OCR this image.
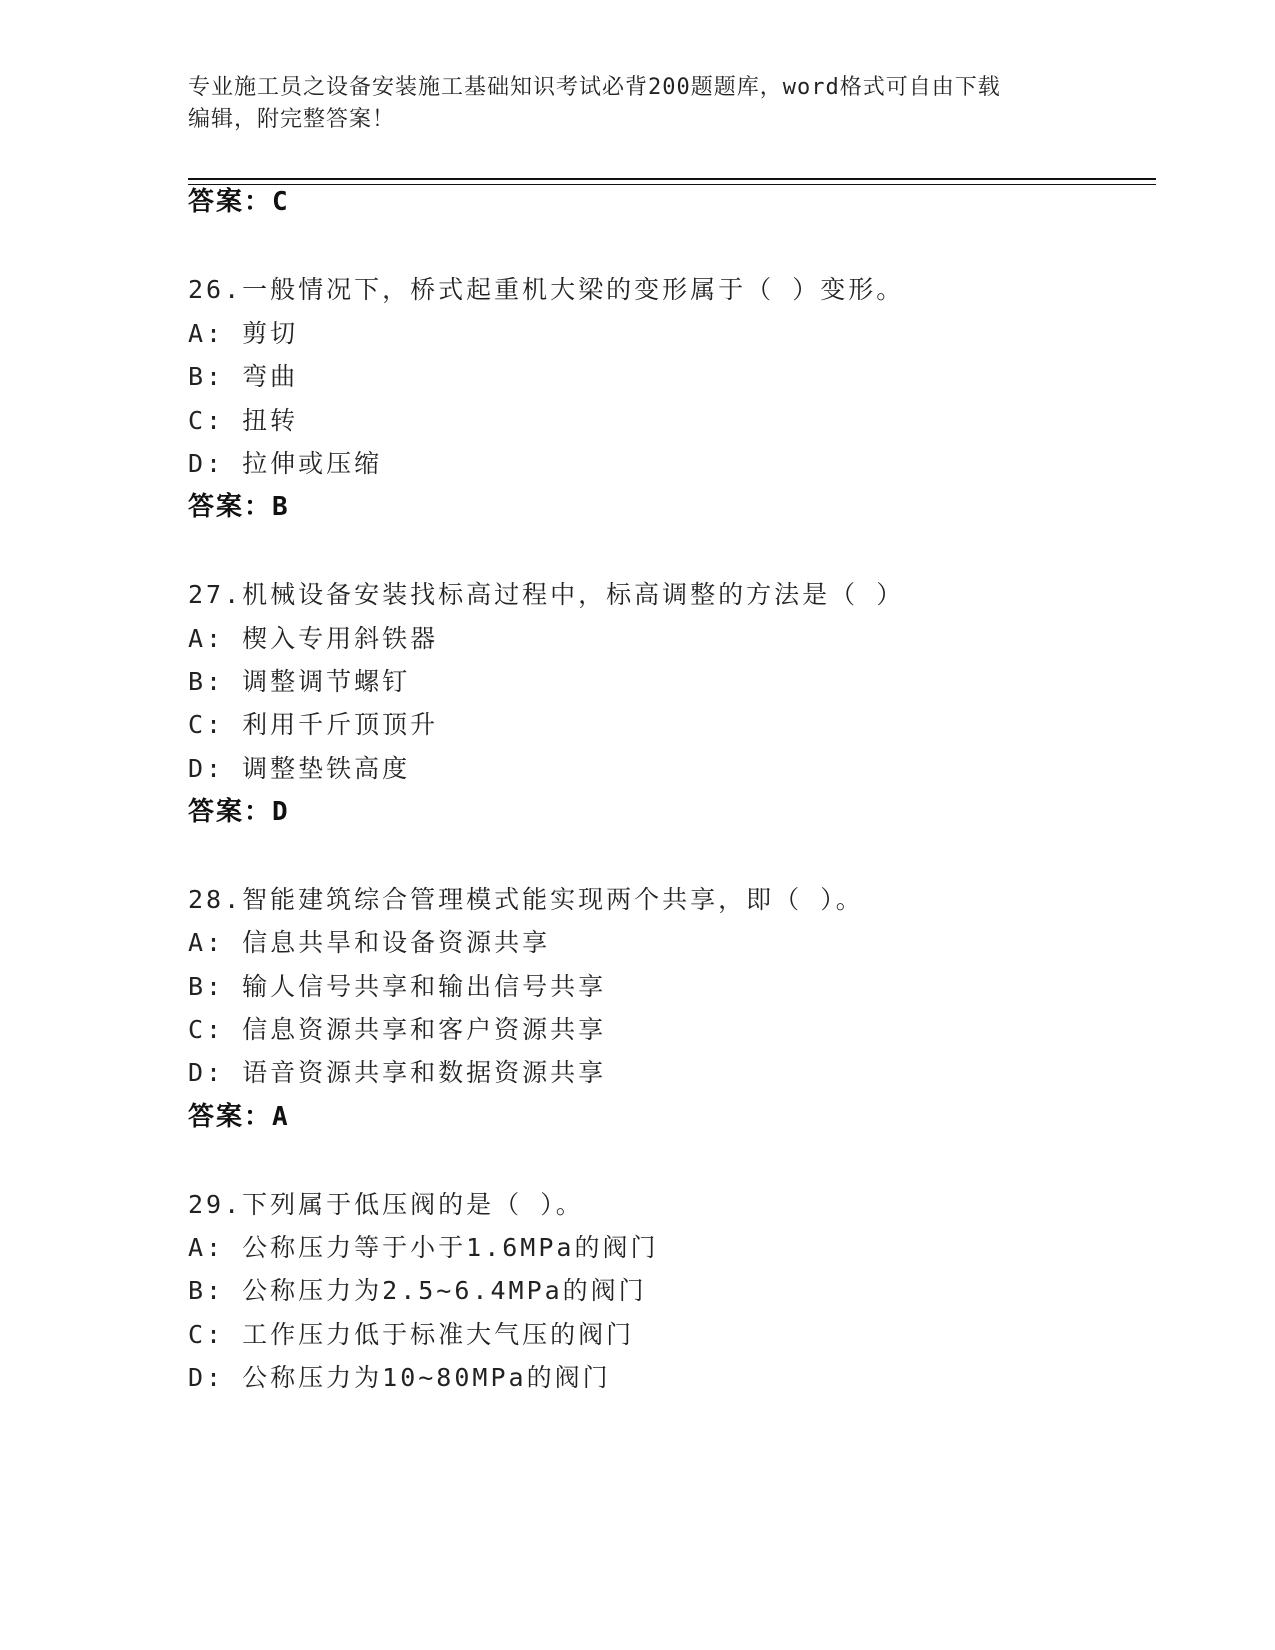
专业施工员之设备安装施工基础知识考试必背200题题库，word格式可自由下载
编辑，附完整答案！
答案：C
26.一般情况下，桥式起重机大梁的变形属于（ ）变形。
A: 剪切
B: 弯曲
C: 扭转
D: 拉伸或压缩
答案：B
27.机械设备安装找标高过程中，标高调整的方法是（ ）
A: 楔入专用斜铁器
B: 调整调节螺钉
C: 利用千斤顶顶升
D: 调整垫铁高度
答案：D
28.智能建筑综合管理模式能实现两个共享，即（ ）。
A: 信息共旱和设备资源共享
B: 输人信号共享和输出信号共享
C: 信息资源共享和客户资源共享
D: 语音资源共享和数据资源共享
答案：A
29.下列属于低压阀的是（ ）。
A: 公称压力等于小于1.6MPa的阀门
B: 公称压力为2.5~6.4MPa的阀门
C: 工作压力低于标准大气压的阀门
D: 公称压力为10~80MPa的阀门
